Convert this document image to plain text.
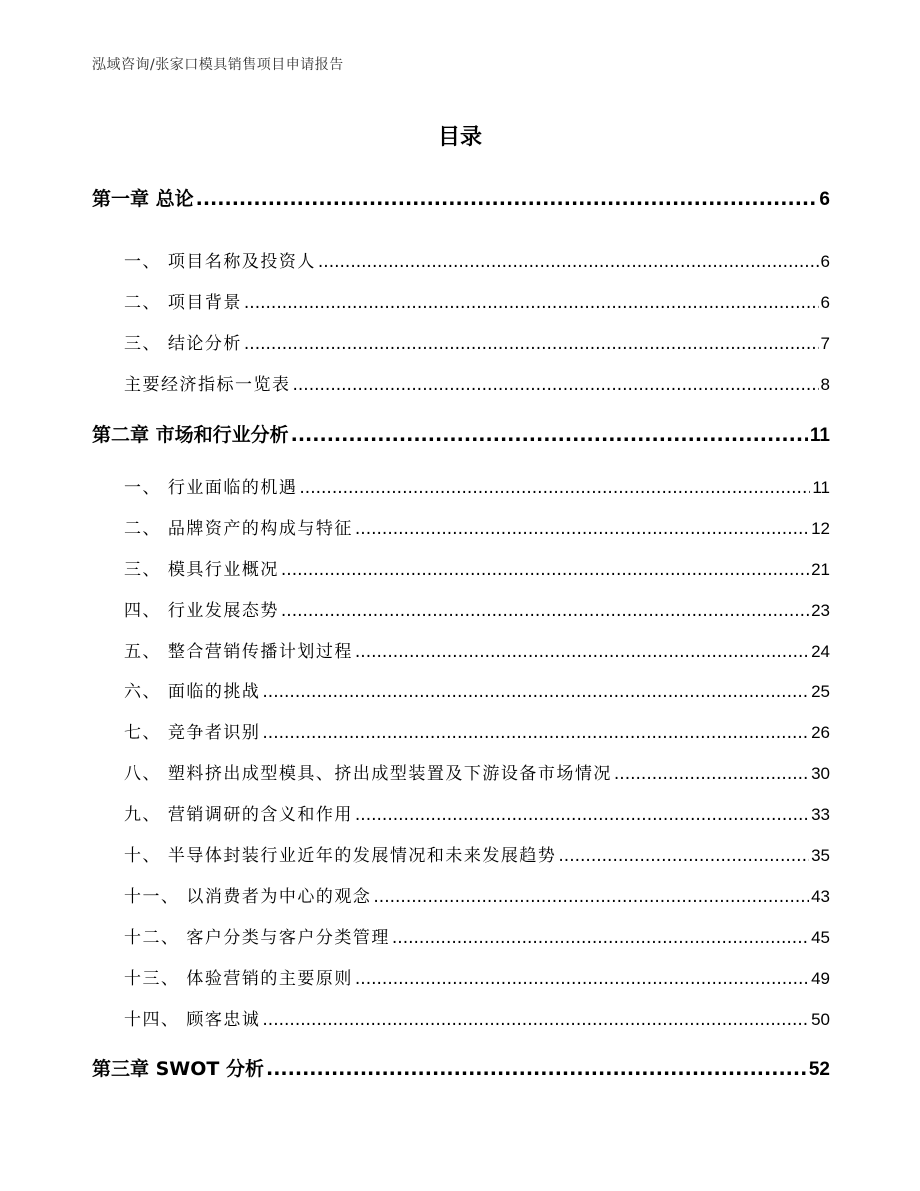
泓域咨询/张家口模具销售项目申请报告
目录
第一章 总论 .....	6
一、 项目名称及投资人 .....	6
二、 项目背景 .....	6
三、 结论分析 .....	7
主要经济指标一览表 .....	8
第二章 市场和行业分析 .....	11
一、 行业面临的机遇 .....	11
二、 品牌资产的构成与特征 .....	12
三、 模具行业概况 .....	21
四、 行业发展态势 .....	23
五、 整合营销传播计划过程 .....	24
六、 面临的挑战 .....	25
七、 竞争者识别 .....	26
八、 塑料挤出成型模具、挤出成型装置及下游设备市场情况 .....	30
九、 营销调研的含义和作用 .....	33
十、 半导体封装行业近年的发展情况和未来发展趋势 .....	35
十一、 以消费者为中心的观念 .....	43
十二、 客户分类与客户分类管理 .....	45
十三、 体验营销的主要原则 .....	49
十四、 顾客忠诚 .....	50
第三章 SWOT 分析 .....	52
